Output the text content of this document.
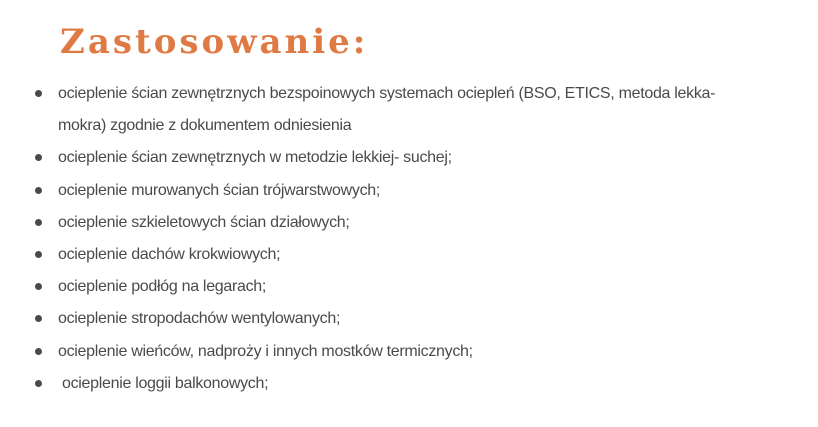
Zastosowanie:
ocieplenie ścian zewnętrznych bezspoinowych systemach ociepleń (BSO, ETICS, metoda lekka-mokra) zgodnie z dokumentem odniesienia
ocieplenie ścian zewnętrznych w metodzie lekkiej- suchej;
ocieplenie murowanych ścian trójwarstwowych;
ocieplenie szkieletowych ścian działowych;
ocieplenie dachów krokwiowych;
ocieplenie podłóg na legarach;
ocieplenie stropodachów wentylowanych;
ocieplenie wieńców, nadproży i innych mostków termicznych;
ocieplenie loggii balkonowych;
